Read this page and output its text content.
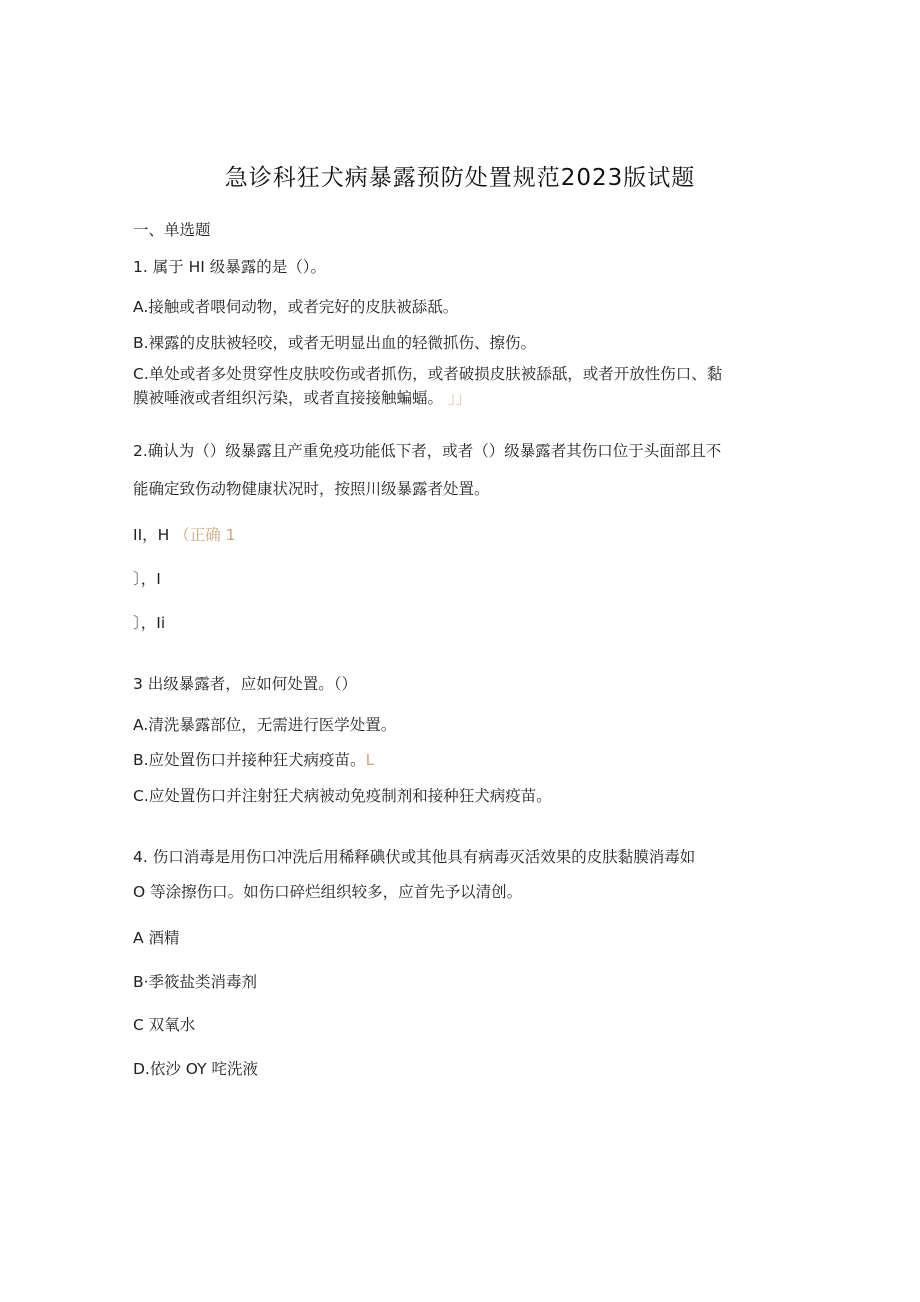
急诊科狂犬病暴露预防处置规范2023版试题
一、单选题
1. 属于 HI 级暴露的是（）。
A.接触或者喂伺动物，或者完好的皮肤被舔舐。
B.裸露的皮肤被轻咬，或者无明显出血的轻微抓伤、擦伤。
C.单处或者多处贯穿性皮肤咬伤或者抓伤，或者破损皮肤被舔舐，或者开放性伤口、黏
膜被唾液或者组织污染，或者直接接触蝙蝠。 」」
2.确认为（）级暴露且产重免疫功能低下者，或者（）级暴露者其伤口位于头面部且不
能确定致伤动物健康状况时，按照川级暴露者处置。
II，H （正确 1
〕，I
〕，Ii
3 出级暴露者，应如何处置。（）
A.清洗暴露部位，无需进行医学处置。
B.应处置伤口并接种狂犬病疫苗。L
C.应处置伤口并注射狂犬病被动免疫制剂和接种狂犬病疫苗。
4. 伤口消毒是用伤口冲洗后用稀释碘伏或其他具有病毒灭活效果的皮肤黏膜消毒如
O 等涂擦伤口。如伤口碎烂组织较多，应首先予以清创。
A 酒精
B·季筱盐类消毒剂
C 双氧水
D.依沙 OY 咤洗液
